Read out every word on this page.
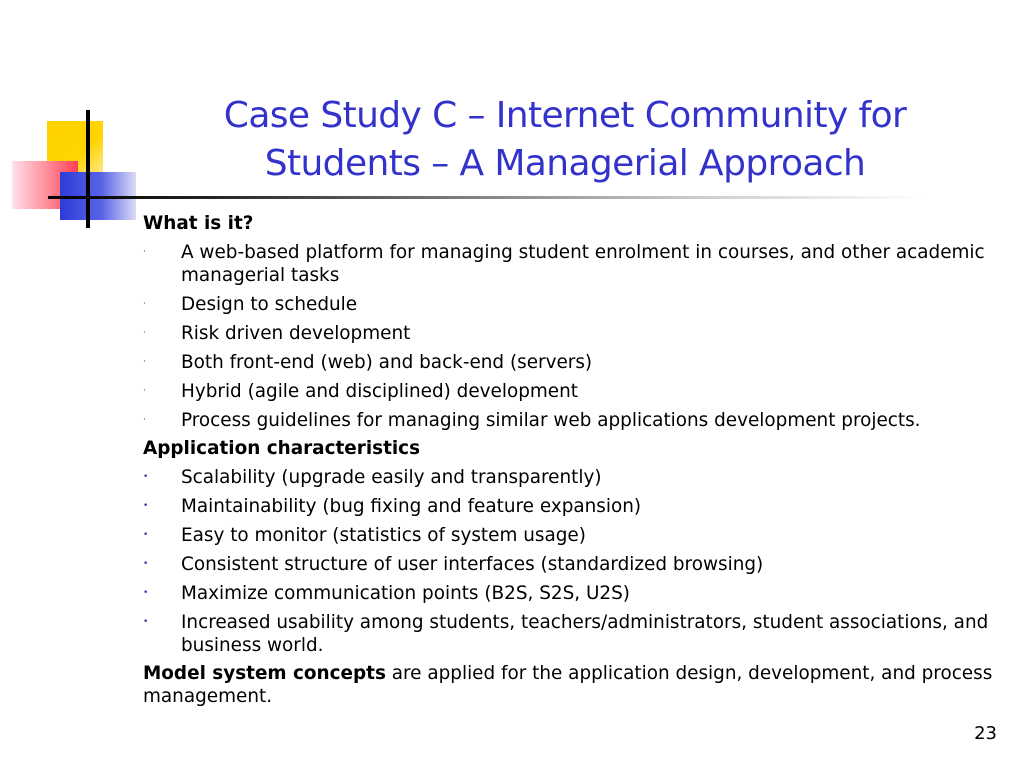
Case Study C – Internet Community for
Students – A Managerial Approach
What is it?
· A web-based platform for managing student enrolment in courses, and other academic managerial tasks
· Design to schedule
· Risk driven development
· Both front-end (web) and back-end (servers)
· Hybrid (agile and disciplined) development
· Process guidelines for managing similar web applications development projects.
Application characteristics
• Scalability (upgrade easily and transparently)
• Maintainability (bug fixing and feature expansion)
• Easy to monitor (statistics of system usage)
• Consistent structure of user interfaces (standardized browsing)
• Maximize communication points (B2S, S2S, U2S)
• Increased usability among students, teachers/administrators, student associations, and business world.
Model system concepts are applied for the application design, development, and process management.
23
